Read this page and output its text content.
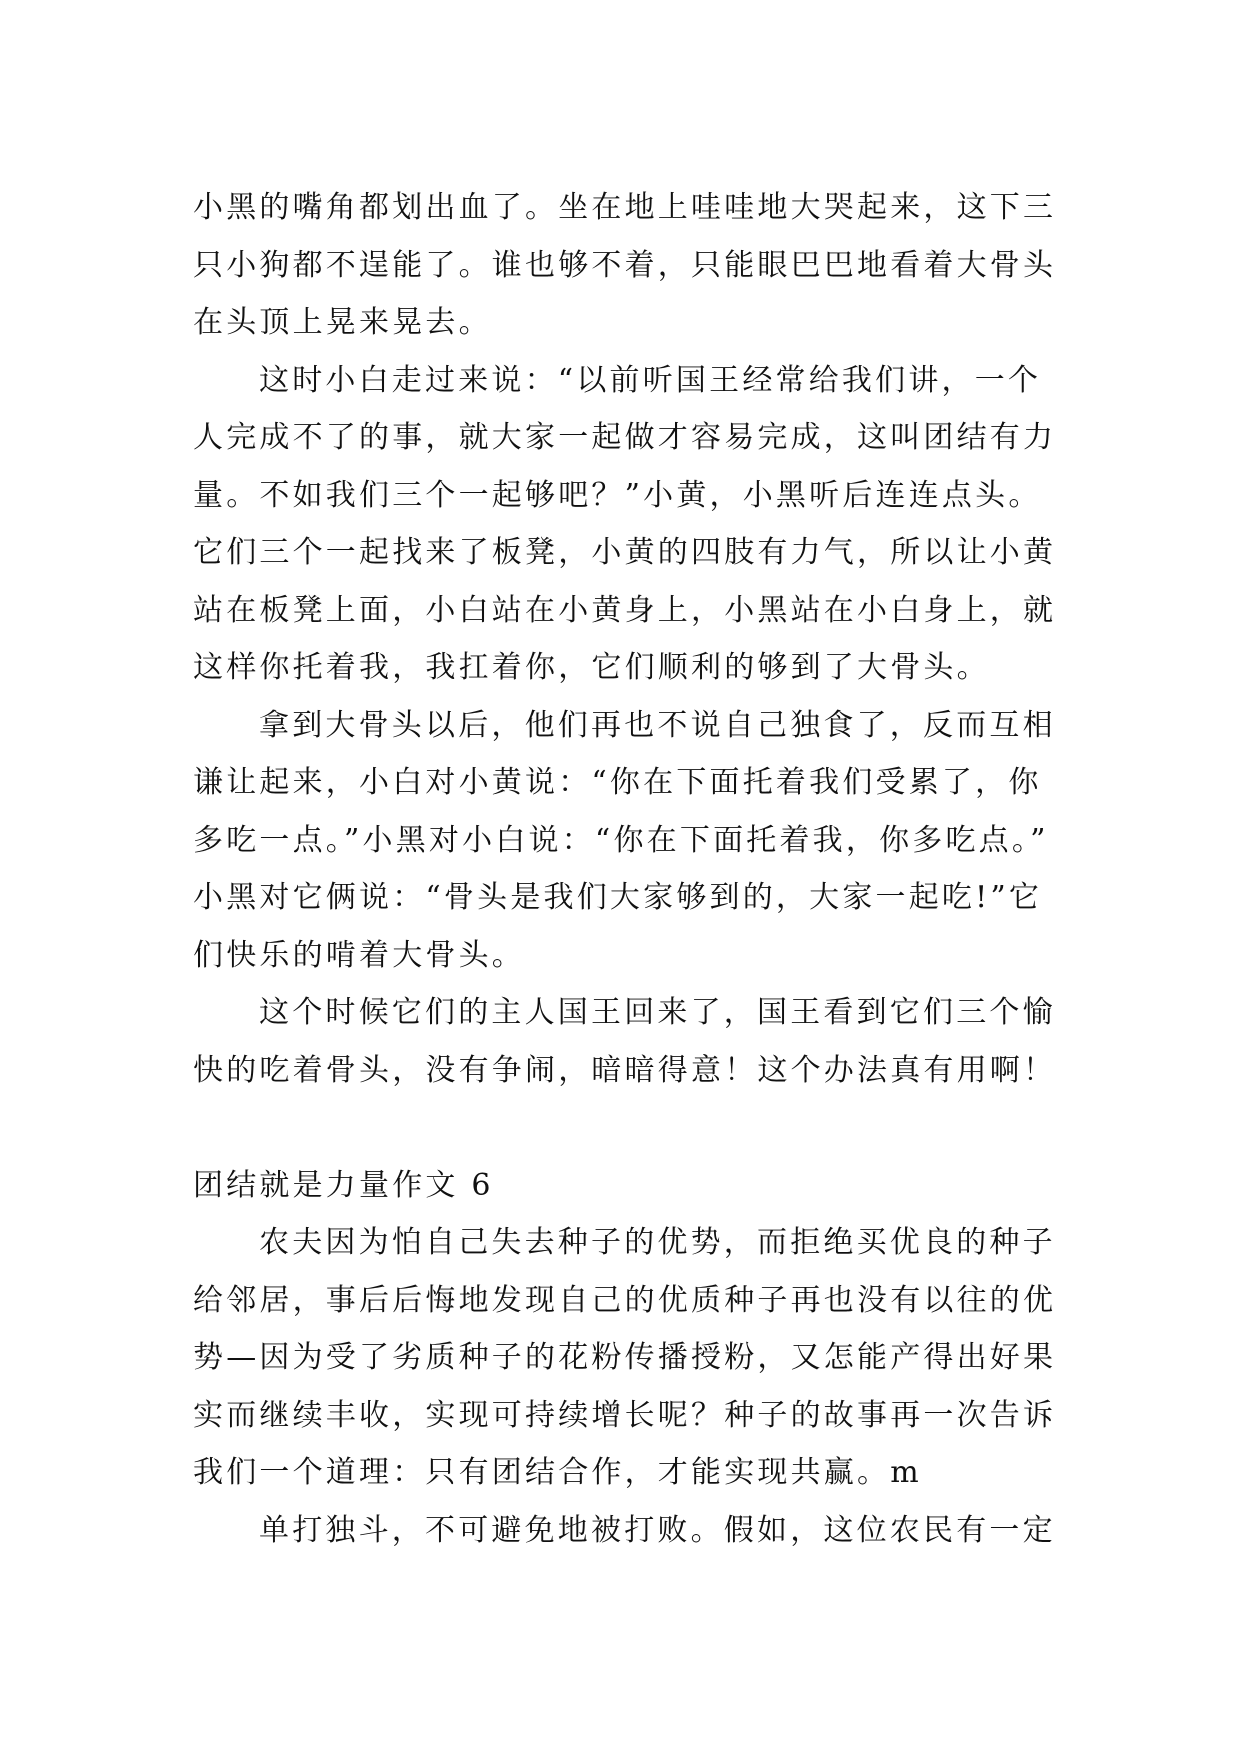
小黑的嘴角都划出血了。坐在地上哇哇地大哭起来，这下三
只小狗都不逞能了。谁也够不着，只能眼巴巴地看着大骨头
在头顶上晃来晃去。
这时小白走过来说：“以前听国王经常给我们讲，一个
人完成不了的事，就大家一起做才容易完成，这叫团结有力
量。不如我们三个一起够吧？”小黄，小黑听后连连点头。
它们三个一起找来了板凳，小黄的四肢有力气，所以让小黄
站在板凳上面，小白站在小黄身上，小黑站在小白身上，就
这样你托着我，我扛着你，它们顺利的够到了大骨头。
拿到大骨头以后，他们再也不说自己独食了，反而互相
谦让起来，小白对小黄说：“你在下面托着我们受累了，你
多吃一点。”小黑对小白说：“你在下面托着我，你多吃点。”
小黑对它俩说：“骨头是我们大家够到的，大家一起吃!”它
们快乐的啃着大骨头。
这个时候它们的主人国王回来了，国王看到它们三个愉
快的吃着骨头，没有争闹，暗暗得意！这个办法真有用啊！
团结就是力量作文 6
农夫因为怕自己失去种子的优势，而拒绝买优良的种子
给邻居，事后后悔地发现自己的优质种子再也没有以往的优
势—因为受了劣质种子的花粉传播授粉，又怎能产得出好果
实而继续丰收，实现可持续增长呢？种子的故事再一次告诉
我们一个道理：只有团结合作，才能实现共赢。m
单打独斗，不可避免地被打败。假如，这位农民有一定
